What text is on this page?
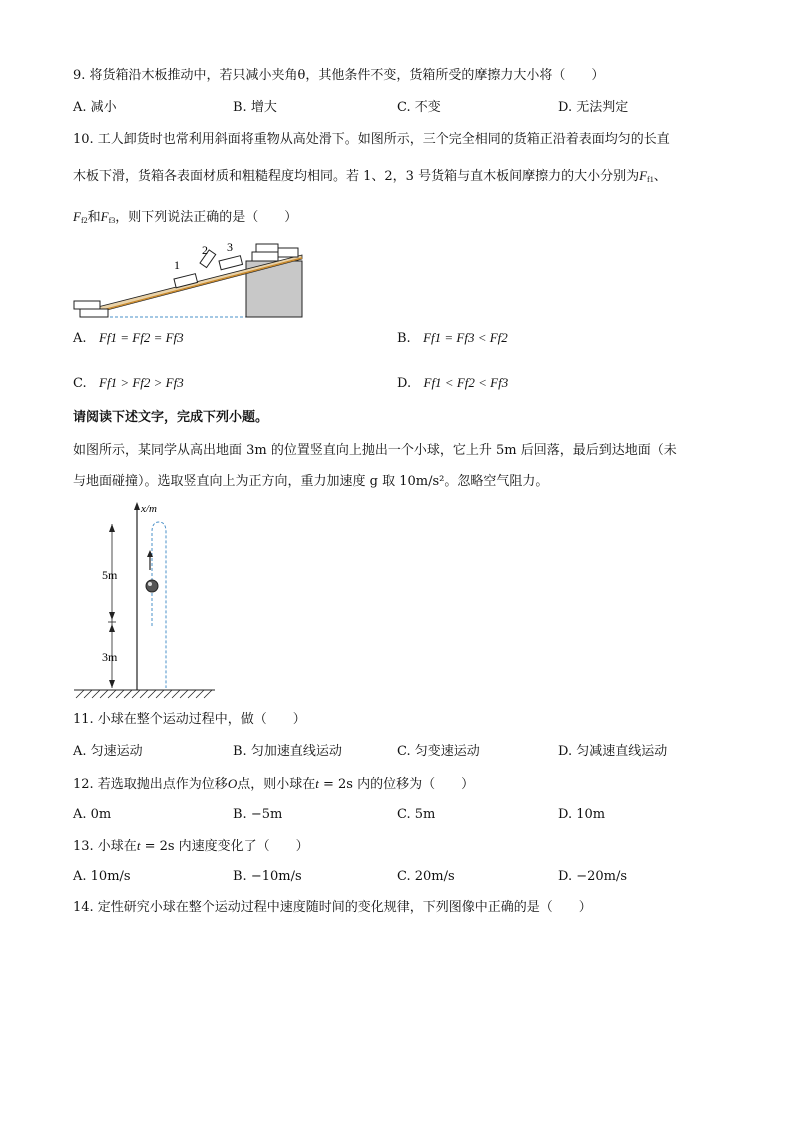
9. 将货箱沿木板推动中，若只减小夹角θ，其他条件不变，货箱所受的摩擦力大小将（　　）
A. 减小	B. 增大	C. 不变	D. 无法判定
10. 工人卸货时也常利用斜面将重物从高处滑下。如图所示，三个完全相同的货箱正沿着表面均匀的长直
木板下滑，货箱各表面材质和粗糙程度均相同。若 1、2，3 号货箱与直木板间摩擦力的大小分别为$F_{f1}$、
$F_{f2}$和$F_{f3}$，则下列说法正确的是（　　）
1
2 3
A. Ff1 = Ff2 = Ff3	B. Ff1 = Ff3 < Ff2
C. Ff1 > Ff2 > Ff3	D. Ff1 < Ff2 < Ff3
请阅读下述文字，完成下列小题。
如图所示，某同学从高出地面 3m 的位置竖直向上抛出一个小球，它上升 5m 后回落，最后到达地面（未
与地面碰撞）。选取竖直向上为正方向，重力加速度 g 取 10m/s²。忽略空气阻力。
x/m
5m
3m
11. 小球在整个运动过程中，做（　　）
A. 匀速运动	B. 匀加速直线运动	C. 匀变速运动	D. 匀减速直线运动
12. 若选取抛出点作为位移O点，则小球在t = 2s 内的位移为（　　）
A. 0m	B. −5m	C. 5m	D. 10m
13. 小球在t = 2s 内速度变化了（　　）
A. 10m/s	B. −10m/s	C. 20m/s	D. −20m/s
14. 定性研究小球在整个运动过程中速度随时间的变化规律，下列图像中正确的是（　　）
